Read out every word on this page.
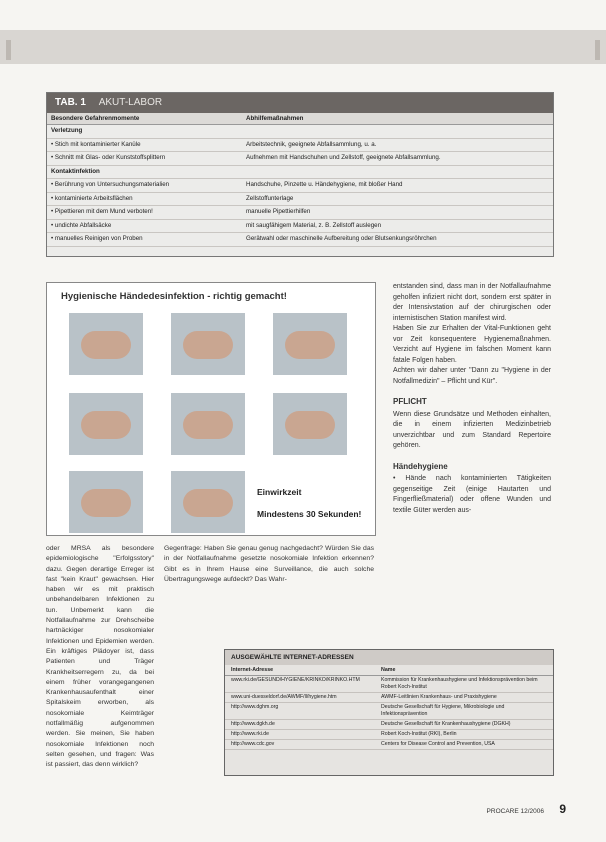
TAB. 1 AKUT-LABOR
Besondere Gefahrenmomente	Abhilfemaßnahmen
Verletzung
• Stich mit kontaminierter Kanüle	Arbeitstechnik, geeignete Abfallsammlung, u. a.
• Schnitt mit Glas- oder Kunststoffsplittern	Aufnehmen mit Handschuhen und Zellstoff, geeignete Abfallsammlung.
Kontaktinfektion
• Berührung von Untersuchungsmaterialien	Handschuhe, Pinzette u. Händehygiene, mit bloßer Hand
• kontaminierte Arbeitsflächen	Zellstoffunterlage
• Pipettieren mit dem Mund verboten!	manuelle Pipettierhilfen
• undichte Abfallsäcke	mit saugfähigem Material, z. B. Zellstoff auslegen
• manuelles Reinigen von Proben	Gerätwahl oder maschinelle Aufbereitung oder Blutsenkungsröhrchen
Hygienische Händedesinfektion - richtig gemacht!
Einwirkzeit
Mindestens 30 Sekunden!

entstanden sind, dass man in der Notfallaufnahme geholfen infiziert nicht dort, sondern erst später in der Intensivstation auf der chirurgischen oder internistischen Station manifest wird.

Haben Sie zur Erhalten der Vital-Funktionen geht vor Zeit konsequentere Hygienemaßnahmen. Verzicht auf Hygiene im falschen Moment kann fatale Folgen haben.

Achten wir daher unter "Dann zu "Hygiene in der Notfallmedizin" – Pflicht und Kür".

PFLICHT

Wenn diese Grundsätze und Methoden einhalten, die in einem infizierten Medizinbetrieb unverzichtbar und zum Standard Repertoire gehören.

Händehygiene

• Hände nach kontaminierten Tätigkeiten gegenseitige Zeit (einige Hautarten und Fingerfließmaterial) oder offene Wunden und textile Güter werden aus-

oder MRSA als besondere epidemiologische "Erfolgsstory" dazu. Gegen derartige Erreger ist fast "kein Kraut" gewachsen. Hier haben wir es mit praktisch unbehandelbaren Infektionen zu tun. Unbemerkt kann die Notfallaufnahme zur Drehscheibe hartnäckiger nosokomialer Infektionen und Epidemien werden. Ein kräftiges Plädoyer ist, dass Patienten und Träger Krankheitserregern zu, da bei einem früher vorangegangenen Krankenhausaufenthalt einer Spitalskeim erworben, als nosokomiale Keimträger notfallmäßig aufgenommen werden. Sie meinen, Sie haben nosokomiale Infektionen noch selten gesehen, und fragen: Was ist passiert, das denn wirklich?
Gegenfrage: Haben Sie genau genug nachgedacht? Würden Sie das in der Notfallaufnahme gesetzte nosokomiale Infektion erkennen? Gibt es in Ihrem Hause eine Surveillance, die auch solche Übertragungswege aufdeckt? Das Wahr-
AUSGEWÄHLTE INTERNET-ADRESSEN
Internet-Adresse	Name
www.rki.de/GESUND/HYGIENE/KRINKO/KRINKO.HTM	Kommission für Krankenhaushygiene und Infektionsprävention beim Robert Koch-Institut
www.uni-duesseldorf.de/AWMF/ll/hygiene.htm	AWMF-Leitlinien Krankenhaus- und Praxishygiene
http://www.dghm.org	Deutsche Gesellschaft für Hygiene, Mikrobiologie und Infektionsprävention
http://www.dgkh.de	Deutsche Gesellschaft für Krankenhaushygiene (DGKH)
http://www.rki.de	Robert Koch-Institut (RKI), Berlin
http://www.cdc.gov	Centers for Disease Control and Prevention, USA
PROCARE 12/2006 9
